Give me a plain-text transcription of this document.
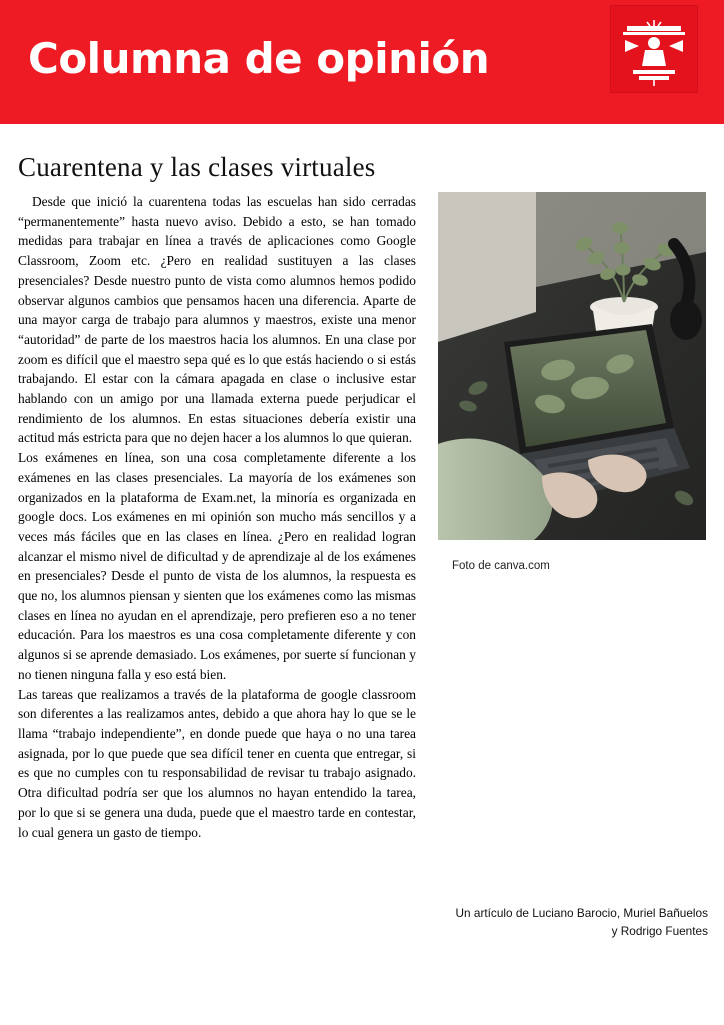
Columna de opinión
Cuarentena y las clases virtuales

Desde que inició la cuarentena todas las escuelas han sido cerradas “permanentemente” hasta nuevo aviso. Debido a esto, se han tomado medidas para trabajar en línea a través de aplicaciones como Google Classroom, Zoom etc. ¿Pero en realidad sustituyen a las clases presenciales? Desde nuestro punto de vista como alumnos hemos podido observar algunos cambios que pensamos hacen una diferencia. Aparte de una mayor carga de trabajo para alumnos y maestros, existe una menor “autoridad” de parte de los maestros hacia los alumnos. En una clase por zoom es difícil que el maestro sepa qué es lo que estás haciendo o si estás trabajando. El estar con la cámara apagada en clase o inclusive estar hablando con un amigo por una llamada externa puede perjudicar el rendimiento de los alumnos. En estas situaciones debería existir una actitud más estricta para que no dejen hacer a los alumnos lo que quieran.

Los exámenes en línea, son una cosa completamente diferente a los exámenes en las clases presenciales. La mayoría de los exámenes son organizados en la plataforma de Exam.net, la minoría es organizada en google docs. Los exámenes en mi opinión son mucho más sencillos y a veces más fáciles que en las clases en línea. ¿Pero en realidad logran alcanzar el mismo nivel de dificultad y de aprendizaje al de los exámenes en presenciales? Desde el punto de vista de los alumnos, la respuesta es que no, los alumnos piensan y sienten que los exámenes como las mismas clases en línea no ayudan en el aprendizaje, pero prefieren eso a no tener educación. Para los maestros es una cosa completamente diferente y con algunos si se aprende demasiado. Los exámenes, por suerte sí funcionan y no tienen ninguna falla y eso está bien.

Las tareas que realizamos a través de la plataforma de google classroom son diferentes a las realizamos antes, debido a que ahora hay lo que se le llama “trabajo independiente”, en donde puede que haya o no una tarea asignada, por lo que puede que sea difícil tener en cuenta que entregar, si es que no cumples con tu responsabilidad de revisar tu trabajo asignado. Otra dificultad podría ser que los alumnos no hayan entendido la tarea, por lo que si se genera una duda, puede que el maestro tarde en contestar, lo cual genera un gasto de tiempo.

Foto de canva.com
Un artículo de Luciano Barocio, Muriel Bañuelos
y Rodrigo Fuentes
